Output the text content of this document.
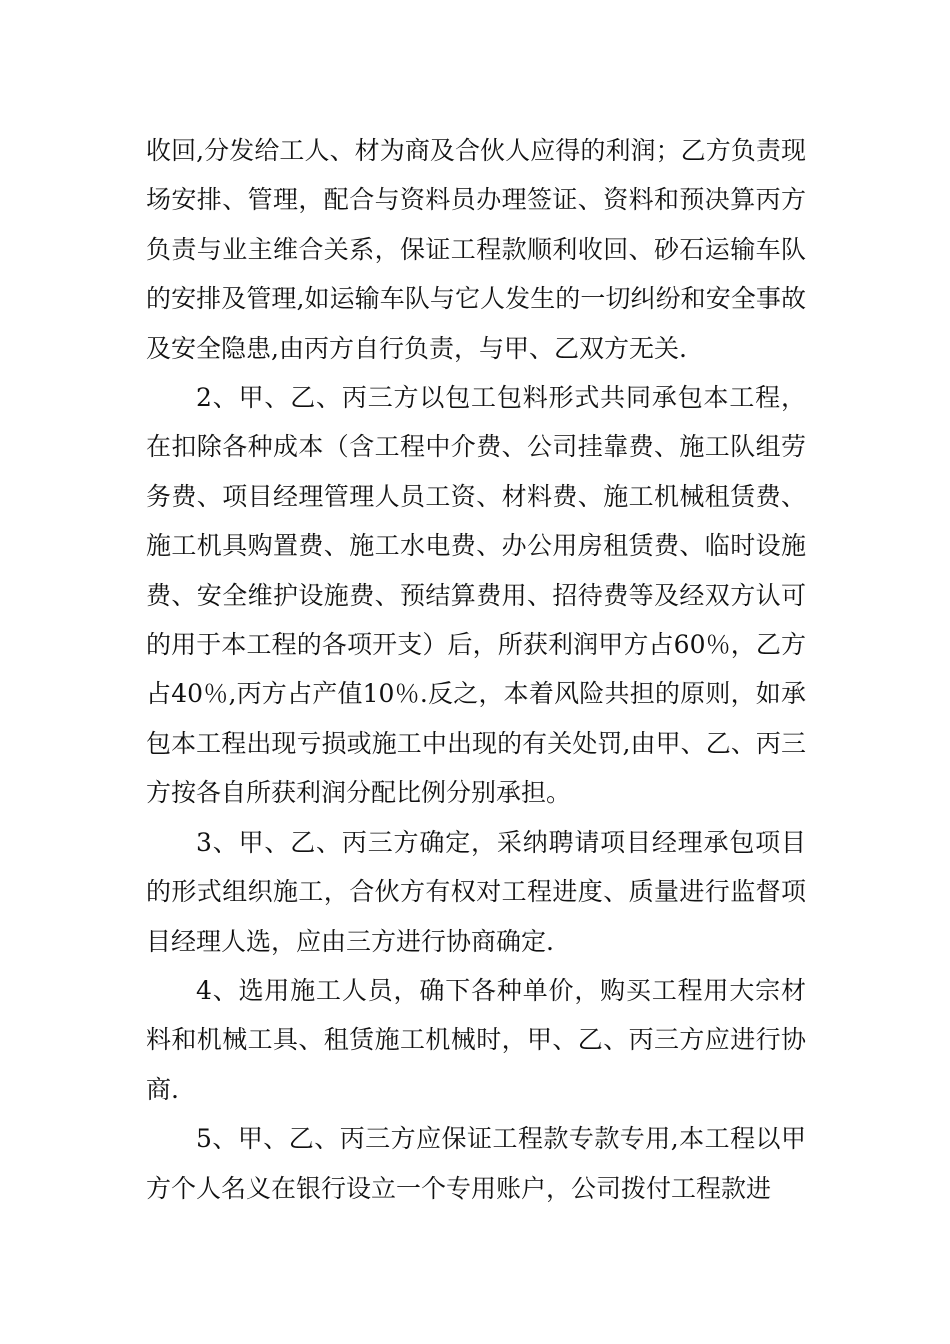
收回,分发给工人、材为商及合伙人应得的利润；乙方负责现场安排、管理，配合与资料员办理签证、资料和预决算丙方负责与业主维合关系，保证工程款顺利收回、砂石运输车队的安排及管理,如运输车队与它人发生的一切纠纷和安全事故及安全隐患,由丙方自行负责，与甲、乙双方无关.

2、甲、乙、丙三方以包工包料形式共同承包本工程，在扣除各种成本（含工程中介费、公司挂靠费、施工队组劳务费、项目经理管理人员工资、材料费、施工机械租赁费、施工机具购置费、施工水电费、办公用房租赁费、临时设施费、安全维护设施费、预结算费用、招待费等及经双方认可的用于本工程的各项开支）后，所获利润甲方占60％，乙方占40％,丙方占产值10％.反之，本着风险共担的原则，如承包本工程出现亏损或施工中出现的有关处罚,由甲、乙、丙三方按各自所获利润分配比例分别承担。

3、甲、乙、丙三方确定，采纳聘请项目经理承包项目的形式组织施工，合伙方有权对工程进度、质量进行监督项目经理人选，应由三方进行协商确定.

4、选用施工人员，确下各种单价，购买工程用大宗材料和机械工具、租赁施工机械时，甲、乙、丙三方应进行协商.

5、甲、乙、丙三方应保证工程款专款专用,本工程以甲方个人名义在银行设立一个专用账户，公司拨付工程款进
